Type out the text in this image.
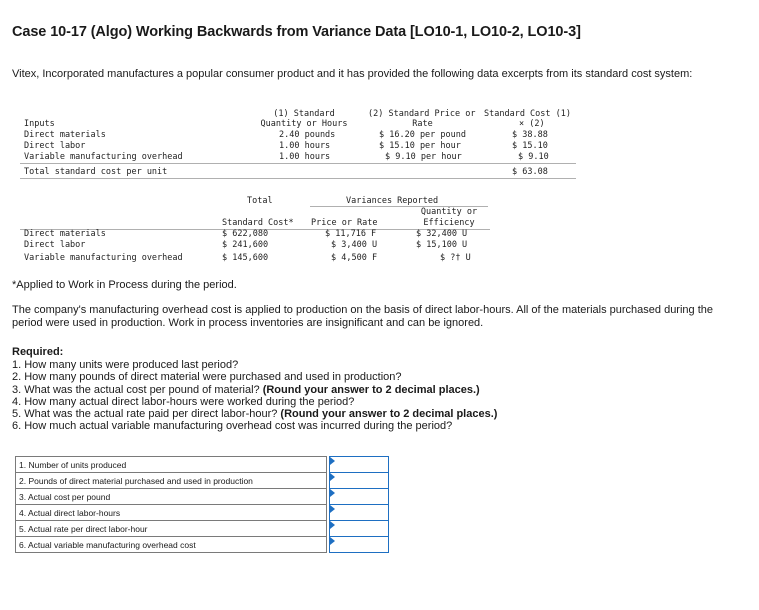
Case 10-17 (Algo) Working Backwards from Variance Data [LO10-1, LO10-2, LO10-3]
Vitex, Incorporated manufactures a popular consumer product and it has provided the following data excerpts from its standard cost system:
(1) Standard
Quantity or Hours
(2) Standard Price or
Rate
Standard Cost (1)
× (2)
Inputs
Direct materials	2.40 pounds	$ 16.20 per pound	$ 38.88
Direct labor	1.00 hours	$ 15.10 per hour	$ 15.10
Variable manufacturing overhead	1.00 hours	$ 9.10 per hour	$ 9.10
Total standard cost per unit	$ 63.08
Total	Variances Reported
Quantity or
Efficiency
Standard Cost* Price or Rate
Direct materials	$ 622,080	$ 11,716 F	$ 32,400 U
Direct labor	$ 241,600	$ 3,400 U	$ 15,100 U
Variable manufacturing overhead	$ 145,600	$ 4,500 F	$ ?† U
*Applied to Work in Process during the period.
The company's manufacturing overhead cost is applied to production on the basis of direct labor-hours. All of the materials purchased during the period were used in production. Work in process inventories are insignificant and can be ignored.
Required:
1. How many units were produced last period?
2. How many pounds of direct material were purchased and used in production?
3. What was the actual cost per pound of material? (Round your answer to 2 decimal places.)
4. How many actual direct labor-hours were worked during the period?
5. What was the actual rate paid per direct labor-hour? (Round your answer to 2 decimal places.)
6. How much actual variable manufacturing overhead cost was incurred during the period?
1. Number of units produced		
2. Pounds of direct material purchased and used in production		
3. Actual cost per pound		
4. Actual direct labor-hours		
5. Actual rate per direct labor-hour		
6. Actual variable manufacturing overhead cost		
